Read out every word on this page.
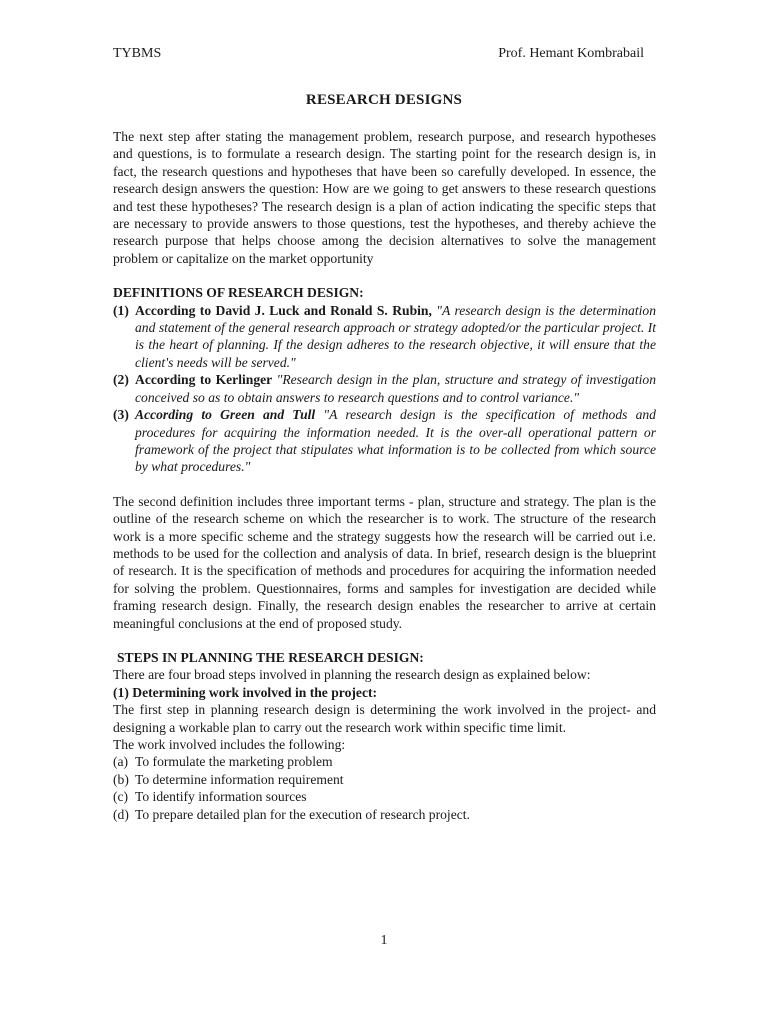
TYBMS	Prof. Hemant Kombrabail
RESEARCH DESIGNS

The next step after stating the management problem, research purpose, and research hypotheses and questions, is to formulate a research design. The starting point for the research design is, in fact, the research questions and hypotheses that have been so carefully developed. In essence, the research design answers the question: How are we going to get answers to these research questions and test these hypotheses? The research design is a plan of action indicating the specific steps that are necessary to provide answers to those questions, test the hypotheses, and thereby achieve the research purpose that helps choose among the decision alternatives to solve the management problem or capitalize on the market opportunity

DEFINITIONS OF RESEARCH DESIGN:

(1) According to David J. Luck and Ronald S. Rubin, "A research design is the determination and statement of the general research approach or strategy adopted/or the particular project. It is the heart of planning. If the design adheres to the research objective, it will ensure that the client's needs will be served."
(2) According to Kerlinger "Research design in the plan, structure and strategy of investigation conceived so as to obtain answers to research questions and to control variance."
(3) According to Green and Tull "A research design is the specification of methods and procedures for acquiring the information needed. It is the over-all operational pattern or framework of the project that stipulates what information is to be collected from which source by what procedures."

The second definition includes three important terms - plan, structure and strategy. The plan is the outline of the research scheme on which the researcher is to work. The structure of the research work is a more specific scheme and the strategy suggests how the research will be carried out i.e. methods to be used for the collection and analysis of data. In brief, research design is the blueprint of research. It is the specification of methods and procedures for acquiring the information needed for solving the problem. Questionnaires, forms and samples for investigation are decided while framing research design. Finally, the research design enables the researcher to arrive at certain meaningful conclusions at the end of proposed study.

STEPS IN PLANNING THE RESEARCH DESIGN:

There are four broad steps involved in planning the research design as explained below:

(1) Determining work involved in the project:

The first step in planning research design is determining the work involved in the project- and designing a workable plan to carry out the research work within specific time limit.

The work involved includes the following:

(a) To formulate the marketing problem
(b) To determine information requirement
(c) To identify information sources
(d) To prepare detailed plan for the execution of research project.
1
